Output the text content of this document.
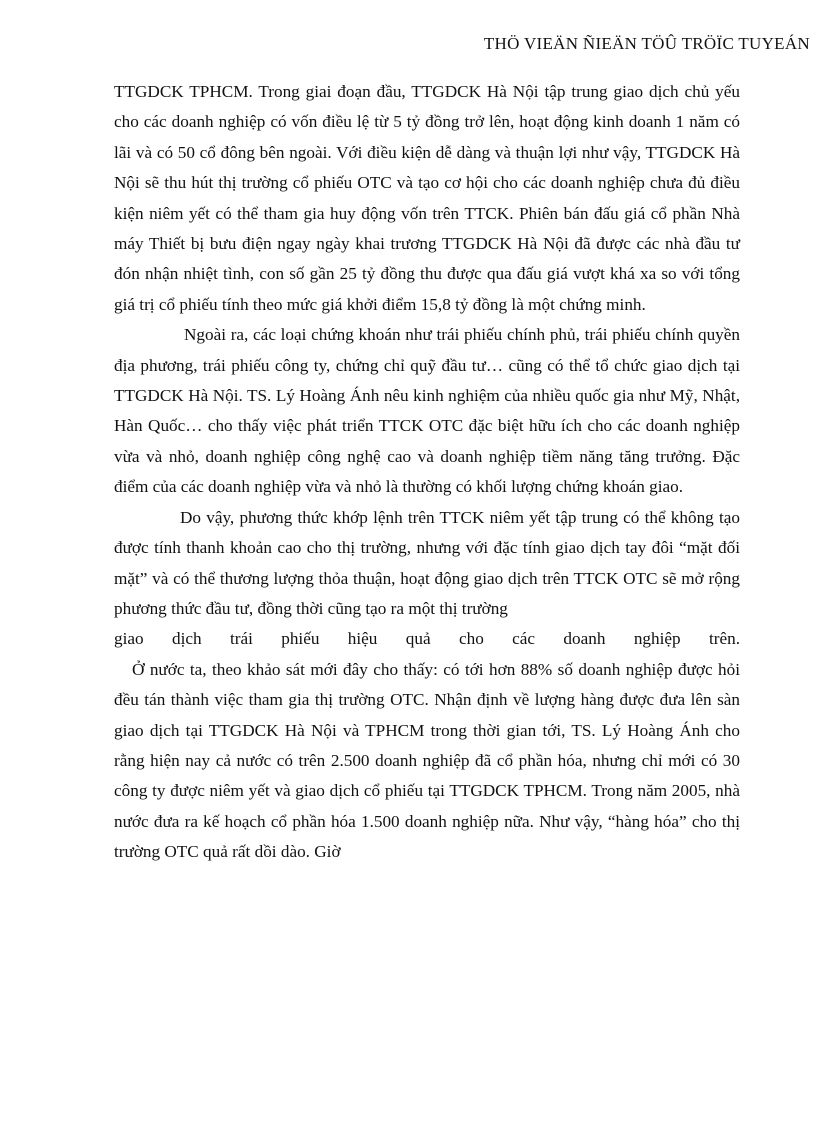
THÖ VIEÄN ÑIEÄN TÖÛ TRÖÏC TUYEÁN

TTGDCK TPHCM. Trong giai đoạn đầu, TTGDCK Hà Nội tập trung giao dịch chủ yếu cho các doanh nghiệp có vốn điều lệ từ 5 tỷ đồng trở lên, hoạt động kinh doanh 1 năm có lãi và có 50 cổ đông bên ngoài. Với điều kiện dễ dàng và thuận lợi như vậy, TTGDCK Hà Nội sẽ thu hút thị trường cổ phiếu OTC và tạo cơ hội cho các doanh nghiệp chưa đủ điều kiện niêm yết có thể tham gia huy động vốn trên TTCK. Phiên bán đấu giá cổ phần Nhà máy Thiết bị bưu điện ngay ngày khai trương TTGDCK Hà Nội đã được các nhà đầu tư đón nhận nhiệt tình, con số gần 25 tỷ đồng thu được qua đấu giá vượt khá xa so với tổng giá trị cổ phiếu tính theo mức giá khởi điểm 15,8 tỷ đồng là một chứng minh.

Ngoài ra, các loại chứng khoán như trái phiếu chính phủ, trái phiếu chính quyền địa phương, trái phiếu công ty, chứng chỉ quỹ đầu tư… cũng có thể tổ chức giao dịch tại TTGDCK Hà Nội. TS. Lý Hoàng Ánh nêu kinh nghiệm của nhiều quốc gia như Mỹ, Nhật, Hàn Quốc… cho thấy việc phát triển TTCK OTC đặc biệt hữu ích cho các doanh nghiệp vừa và nhỏ, doanh nghiệp công nghệ cao và doanh nghiệp tiềm năng tăng trưởng. Đặc điểm của các doanh nghiệp vừa và nhỏ là thường có khối lượng chứng khoán giao.

Do vậy, phương thức khớp lệnh trên TTCK niêm yết tập trung có thể không tạo được tính thanh khoản cao cho thị trường, nhưng với đặc tính giao dịch tay đôi “mặt đối mặt” và có thể thương lượng thỏa thuận, hoạt động giao dịch trên TTCK OTC sẽ mở rộng phương thức đầu tư, đồng thời cũng tạo ra một thị trường

giao dịch trái phiếu hiệu quả cho các doanh nghiệp trên.

Ở nước ta, theo khảo sát mới đây cho thấy: có tới hơn 88% số doanh nghiệp được hỏi đều tán thành việc tham gia thị trường OTC. Nhận định về lượng hàng được đưa lên sàn giao dịch tại TTGDCK Hà Nội và TPHCM trong thời gian tới, TS. Lý Hoàng Ánh cho rằng hiện nay cả nước có trên 2.500 doanh nghiệp đã cổ phần hóa, nhưng chỉ mới có 30 công ty được niêm yết và giao dịch cổ phiếu tại TTGDCK TPHCM. Trong năm 2005, nhà nước đưa ra kế hoạch cổ phần hóa 1.500 doanh nghiệp nữa. Như vậy, “hàng hóa” cho thị trường OTC quả rất dồi dào. Giờ
